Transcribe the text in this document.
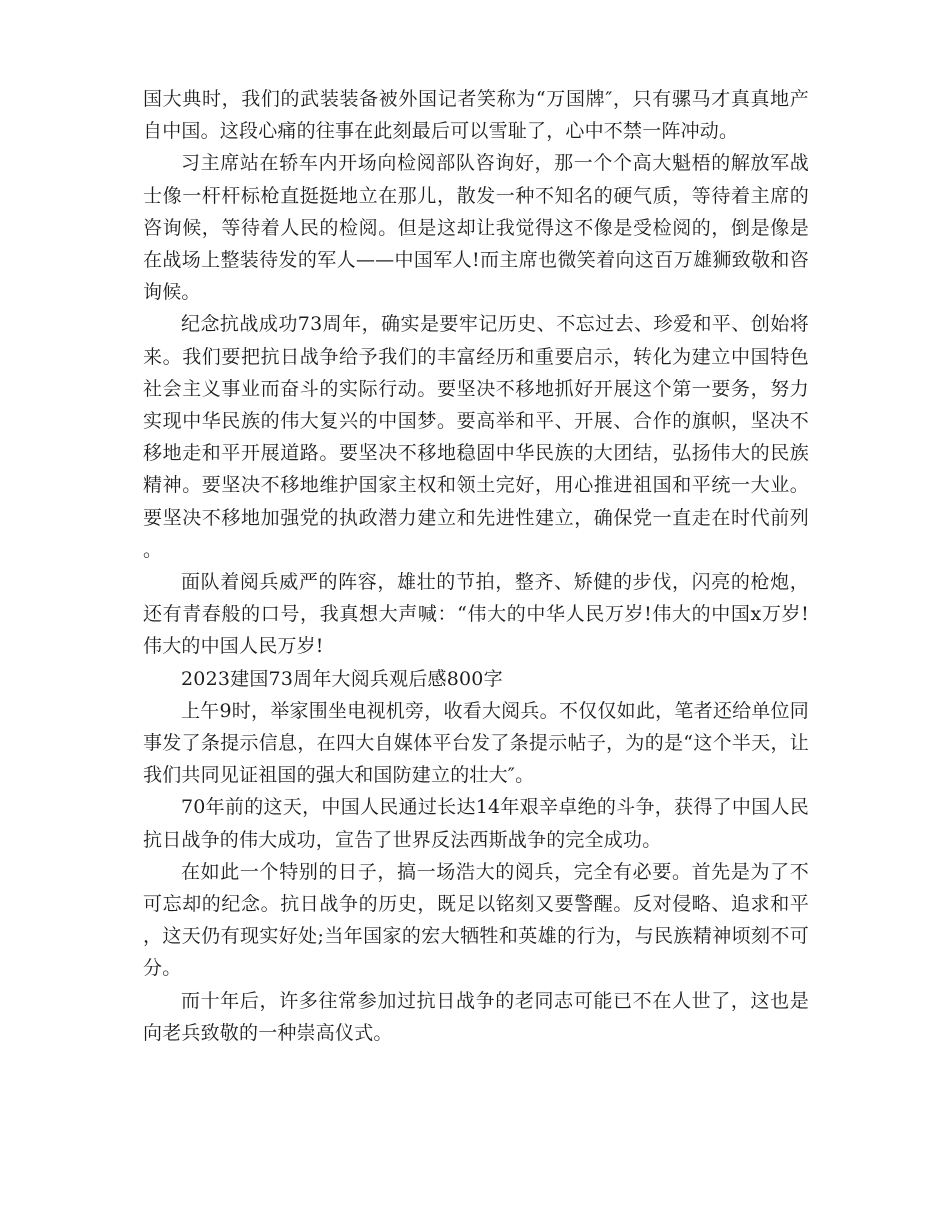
国大典时，我们的武装装备被外国记者笑称为“万国牌″，只有骡马才真真地产自中国。这段心痛的往事在此刻最后可以雪耻了，心中不禁一阵冲动。

习主席站在轿车内开场向检阅部队咨询好，那一个个高大魁梧的解放军战士像一杆杆标枪直挺挺地立在那儿，散发一种不知名的硬气质，等待着主席的咨询候，等待着人民的检阅。但是这却让我觉得这不像是受检阅的，倒是像是在战场上整装待发的军人——中国军人!而主席也微笑着向这百万雄狮致敬和咨询候。

纪念抗战成功73周年，确实是要牢记历史、不忘过去、珍爱和平、创始将来。我们要把抗日战争给予我们的丰富经历和重要启示，转化为建立中国特色社会主义事业而奋斗的实际行动。要坚决不移地抓好开展这个第一要务，努力实现中华民族的伟大复兴的中国梦。要高举和平、开展、合作的旗帜，坚决不移地走和平开展道路。要坚决不移地稳固中华民族的大团结，弘扬伟大的民族精神。要坚决不移地维护国家主权和领土完好，用心推进祖国和平统一大业。要坚决不移地加强党的执政潜力建立和先进性建立，确保党一直走在时代前列。

面队着阅兵威严的阵容，雄壮的节拍，整齐、矫健的步伐，闪亮的枪炮，还有青春般的口号，我真想大声喊：“伟大的中华人民万岁!伟大的中国x万岁!伟大的中国人民万岁!

2023建国73周年大阅兵观后感800字

上午9时，举家围坐电视机旁，收看大阅兵。不仅仅如此，笔者还给单位同事发了条提示信息，在四大自媒体平台发了条提示帖子，为的是“这个半天，让我们共同见证祖国的强大和国防建立的壮大″。

70年前的这天，中国人民通过长达14年艰辛卓绝的斗争，获得了中国人民抗日战争的伟大成功，宣告了世界反法西斯战争的完全成功。

在如此一个特别的日子，搞一场浩大的阅兵，完全有必要。首先是为了不可忘却的纪念。抗日战争的历史，既足以铭刻又要警醒。反对侵略、追求和平，这天仍有现实好处;当年国家的宏大牺牲和英雄的行为，与民族精神顷刻不可分。

而十年后，许多往常参加过抗日战争的老同志可能已不在人世了，这也是向老兵致敬的一种崇高仪式。
